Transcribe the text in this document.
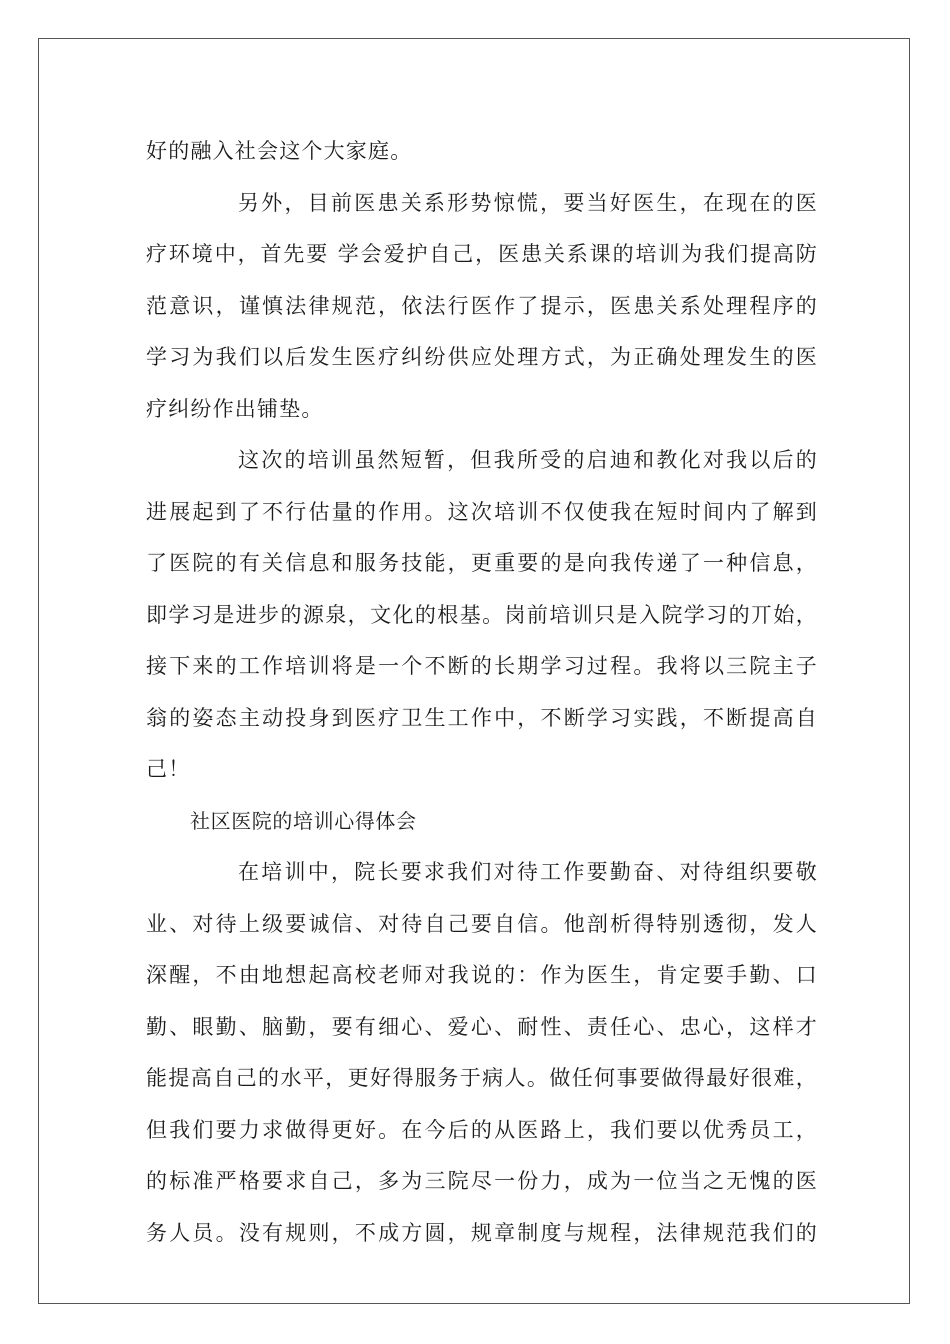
好的融入社会这个大家庭。
另外，目前医患关系形势惊慌，要当好医生，在现在的医
疗环境中，首先要 学会爱护自己，医患关系课的培训为我们提高防
范意识，谨慎法律规范，依法行医作了提示，医患关系处理程序的
学习为我们以后发生医疗纠纷供应处理方式，为正确处理发生的医
疗纠纷作出铺垫。
这次的培训虽然短暂，但我所受的启迪和教化对我以后的
进展起到了不行估量的作用。这次培训不仅使我在短时间内了解到
了医院的有关信息和服务技能，更重要的是向我传递了一种信息，
即学习是进步的源泉，文化的根基。岗前培训只是入院学习的丌始，
接下来的工作培训将是一个不断的长期学习过程。我将以三院主子
翁的姿态主动投身到医疗卫生工作中，不断学习实践，不断提高自
己！
社区医院的培训心得体会
在培训中，院长要求我们对待工作要勤奋、对待组织要敬
业、对待上级要诚信、对待自己要自信。他剖析得特别透彻，发人
深醒，不由地想起高校老师对我说的：作为医生，肯定要手勤、口
勤、眼勤、脑勤，要有细心、爱心、耐性、责任心、忠心，这样才
能提高自己的水平，更好得服务于病人。做任何事要做得最好很难，
但我们要力求做得更好。在今后的从医路上，我们要以优秀员工，
的标准严格要求自己，多为三院尽一份力，成为一位当之无愧的医
务人员。没有规则，不成方圆，规章制度与规程，法律规范我们的
